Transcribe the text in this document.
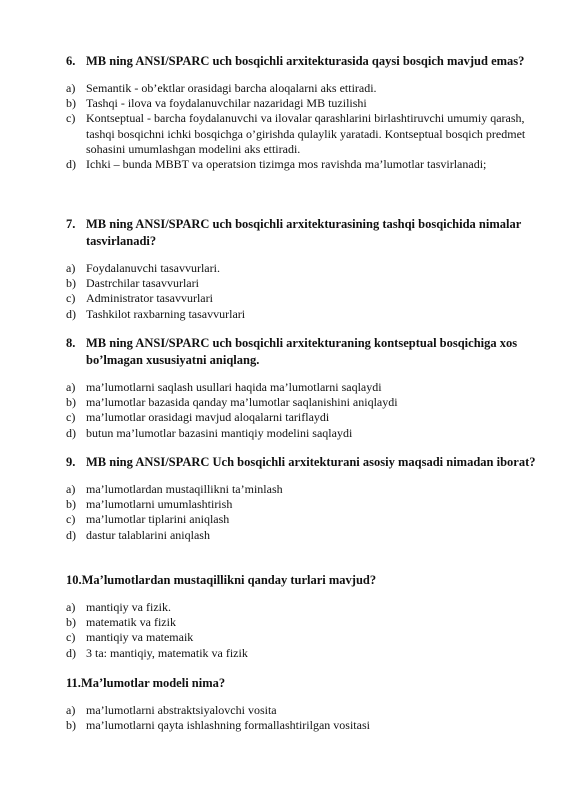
6. MB ning ANSI/SPARC uch bosqichli arxitekturasida qaysi bosqich mavjud emas?
a) Semantik - ob’ektlar orasidagi barcha aloqalarni aks ettiradi.
b) Tashqi - ilova va foydalanuvchilar nazaridagi MB tuzilishi
c) Kontseptual - barcha foydalanuvchi va ilovalar qarashlarini birlashtiruvchi umumiy qarash, tashqi bosqichni ichki bosqichga o’girishda qulaylik yaratadi. Kontseptual bosqich predmet sohasini umumlashgan modelini aks ettiradi.
d) Ichki – bunda MBBT va operatsion tizimga mos ravishda ma’lumotlar tasvirlanadi;
7. MB ning ANSI/SPARC uch bosqichli arxitekturasining tashqi bosqichida nimalar tasvirlanadi?
a) Foydalanuvchi tasavvurlari.
b) Dastrchilar tasavvurlari
c) Administrator tasavvurlari
d) Tashkilot raxbarning tasavvurlari
8. MB ning ANSI/SPARC uch bosqichli arxitekturaning kontseptual bosqichiga xos bo’lmagan xususiyatni aniqlang.
a) ma’lumotlarni saqlash usullari haqida ma’lumotlarni saqlaydi
b) ma’lumotlar bazasida qanday ma’lumotlar saqlanishini aniqlaydi
c) ma’lumotlar orasidagi mavjud aloqalarni tariflaydi
d) butun ma’lumotlar bazasini mantiqiy modelini saqlaydi
9. MB ning ANSI/SPARC Uch bosqichli arxitekturani asosiy maqsadi nimadan iborat?
a) ma’lumotlardan mustaqillikni ta’minlash
b) ma’lumotlarni umumlashtirish
c) ma’lumotlar tiplarini aniqlash
d) dastur talablarini aniqlash
10. Ma’lumotlardan mustaqillikni qanday turlari mavjud?
a) mantiqiy va fizik.
b) matematik va fizik
c) mantiqiy va matemaik
d) 3 ta: mantiqiy, matematik va fizik
11. Ma’lumotlar modeli nima?
a) ma’lumotlarni abstraktsiyalovchi vosita
b) ma’lumotlarni qayta ishlashning formallashtirilgan vositasi
